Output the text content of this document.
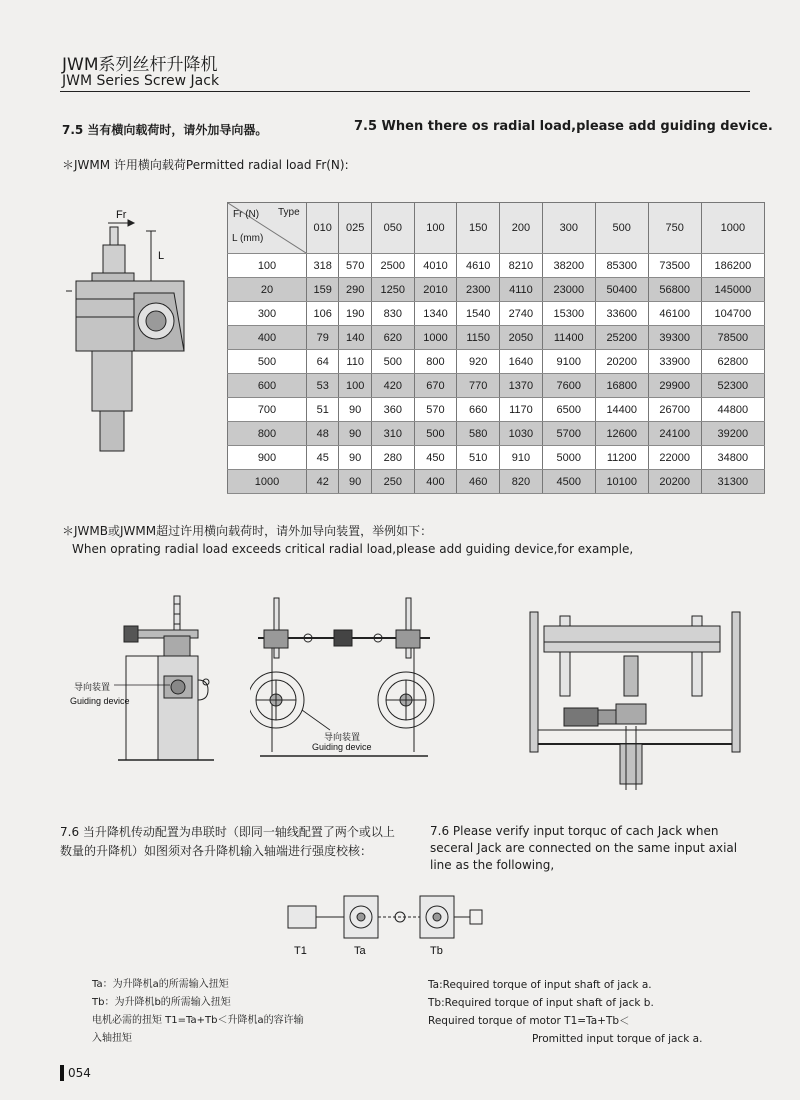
JWM系列丝杆升降机
JWM Series Screw Jack
7.5 当有横向载荷时，请外加导向器。	7.5 When there os radial load,please add guiding device.
＊JWMM 许用横向载荷Permitted radial load Fr(N):
Fr
L
Fr (N) Type
L (mm)	010	025	050	100	150	200	300	500	750	1000
100	318	570	2500	4010	4610	8210	38200	85300	73500	186200
20	159	290	1250	2010	2300	4110	23000	50400	56800	145000
300	106	190	830	1340	1540	2740	15300	33600	46100	104700
400	79	140	620	1000	1150	2050	11400	25200	39300	78500
500	64	110	500	800	920	1640	9100	20200	33900	62800
600	53	100	420	670	770	1370	7600	16800	29900	52300
700	51	90	360	570	660	1170	6500	14400	26700	44800
800	48	90	310	500	580	1030	5700	12600	24100	39200
900	45	90	280	450	510	910	5000	11200	22000	34800
1000	42	90	250	400	460	820	4500	10100	20200	31300
＊JWMB或JWMM超过许用横向载荷时，请外加导向装置，举例如下：
When oprating radial load exceeds critical radial load,please add guiding device,for example,
导向装置
Guiding device
导向装置
Guiding device
7.6 当升降机传动配置为串联时（即同一轴线配置了两个或以上数量的升降机）如图须对各升降机输入轴端进行强度校核：
7.6 Please verify input torquc of cach Jack when seceral Jack are connected on the same input axial line as the following,
T1	Ta	Tb
Ta：为升降机a的所需输入扭矩
Tb：为升降机b的所需输入扭矩
电机必需的扭矩 T1=Ta+Tb＜升降机a的容许输
入轴扭矩
Ta:Required torque of input shaft of jack a.
Tb:Required torque of input shaft of jack b.
Required torque of motor T1=Ta+Tb＜
Promitted input torque of jack a.
054
